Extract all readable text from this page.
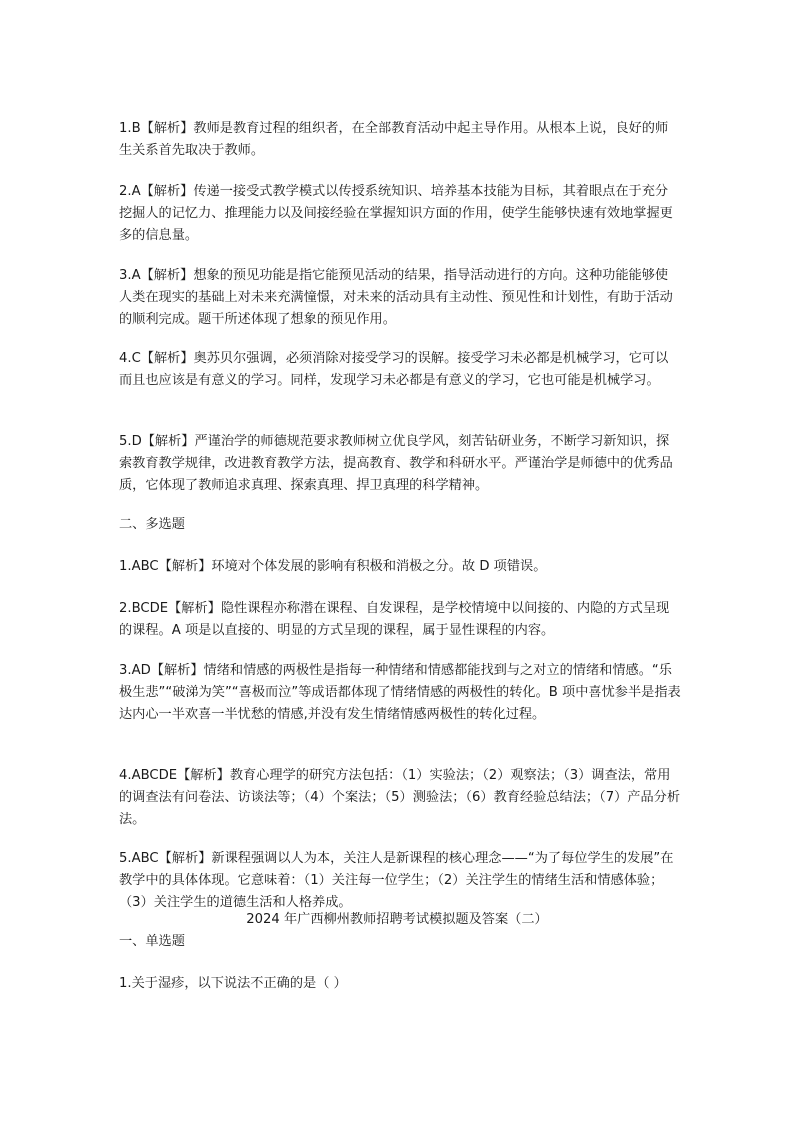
1.B【解析】教师是教育过程的组织者，在全部教育活动中起主导作用。从根本上说，良好的师生关系首先取决于教师。

2.A【解析】传递一接受式教学模式以传授系统知识、培养基本技能为目标，其着眼点在于充分挖掘人的记忆力、推理能力以及间接经验在掌握知识方面的作用，使学生能够快速有效地掌握更多的信息量。

3.A【解析】想象的预见功能是指它能预见活动的结果，指导活动进行的方向。这种功能能够使人类在现实的基础上对未来充满憧憬，对未来的活动具有主动性、预见性和计划性，有助于活动的顺利完成。题干所述体现了想象的预见作用。

4.C【解析】奥苏贝尔强调，必须消除对接受学习的误解。接受学习未必都是机械学习，它可以而且也应该是有意义的学习。同样，发现学习未必都是有意义的学习，它也可能是机械学习。

5.D【解析】严谨治学的师德规范要求教师树立优良学风，刻苦钻研业务，不断学习新知识，探索教育教学规律，改进教育教学方法，提高教育、教学和科研水平。严谨治学是师德中的优秀品质，它体现了教师追求真理、探索真理、捍卫真理的科学精神。

二、多选题

1.ABC【解析】环境对个体发展的影响有积极和消极之分。故 D 项错误。

2.BCDE【解析】隐性课程亦称潜在课程、自发课程，是学校情境中以间接的、内隐的方式呈现的课程。A 项是以直接的、明显的方式呈现的课程，属于显性课程的内容。

3.AD【解析】情绪和情感的两极性是指每一种情绪和情感都能找到与之对立的情绪和情感。“乐极生悲”“破涕为笑”“喜极而泣”等成语都体现了情绪情感的两极性的转化。B 项中喜忧参半是指表达内心一半欢喜一半忧愁的情感,并没有发生情绪情感两极性的转化过程。

4.ABCDE【解析】教育心理学的研究方法包括：（1）实验法；（2）观察法；（3）调查法，常用的调查法有问卷法、访谈法等；（4）个案法；（5）测验法；（6）教育经验总结法；（7）产品分析法。

5.ABC【解析】新课程强调以人为本，关注人是新课程的核心理念——“为了每位学生的发展”在教学中的具体体现。它意味着：（1）关注每一位学生；（2）关注学生的情绪生活和情感体验；（3）关注学生的道德生活和人格养成。

2024 年广西柳州教师招聘考试模拟题及答案（二）

一、单选题

1.关于湿疹，以下说法不正确的是（ ）
